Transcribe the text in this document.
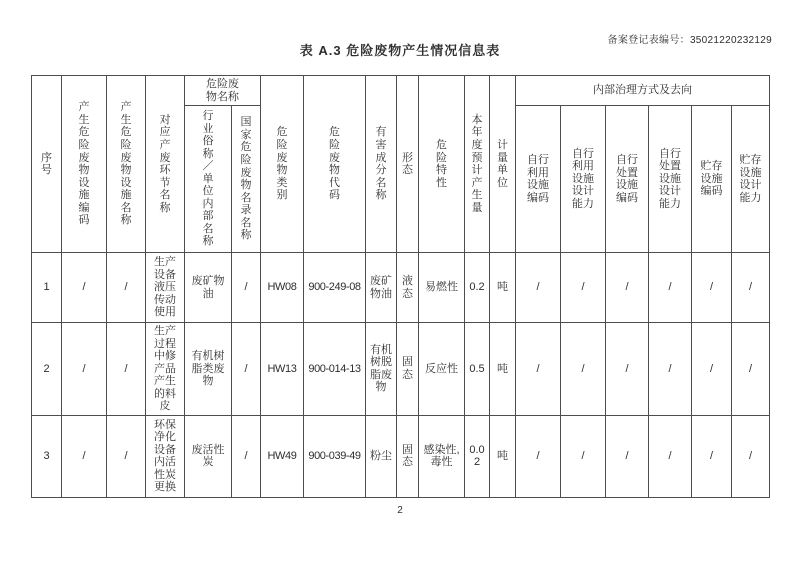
备案登记表编号：35021220232129
表 A.3 危险废物产生情况信息表
序号	产生危险废物设施编码	产生危险废物设施名称	对应产废环节名称	危险废物名称		危险废物类别	危险废物代码	有害成分名称	形态	危险特性	本年度预计产生量	计量单位	内部治理方式及去向					
				行业俗称／单位内部名称	国家危险废物名录名称								自行利用设施编码	自行利用设施设计能力	自行处置设施编码	自行处置设施设计能力	贮存设施编码	贮存设施设计能力
1	/	/	生产设备液压传动使用	废矿物油	/	HW08	900-249-08	废矿物油	液态	易燃性	0.2	吨	/	/	/	/	/	/
2	/	/	生产过程中修产品产生的料皮	有机树脂类废物	/	HW13	900-014-13	有机树脱脂废物	固态	反应性	0.5	吨	/	/	/	/	/	/
3	/	/	环保净化设备内活性炭更换	废活性炭	/	HW49	900-039-49	粉尘	固态	感染性,毒性	0.02	吨	/	/	/	/	/	/
2
